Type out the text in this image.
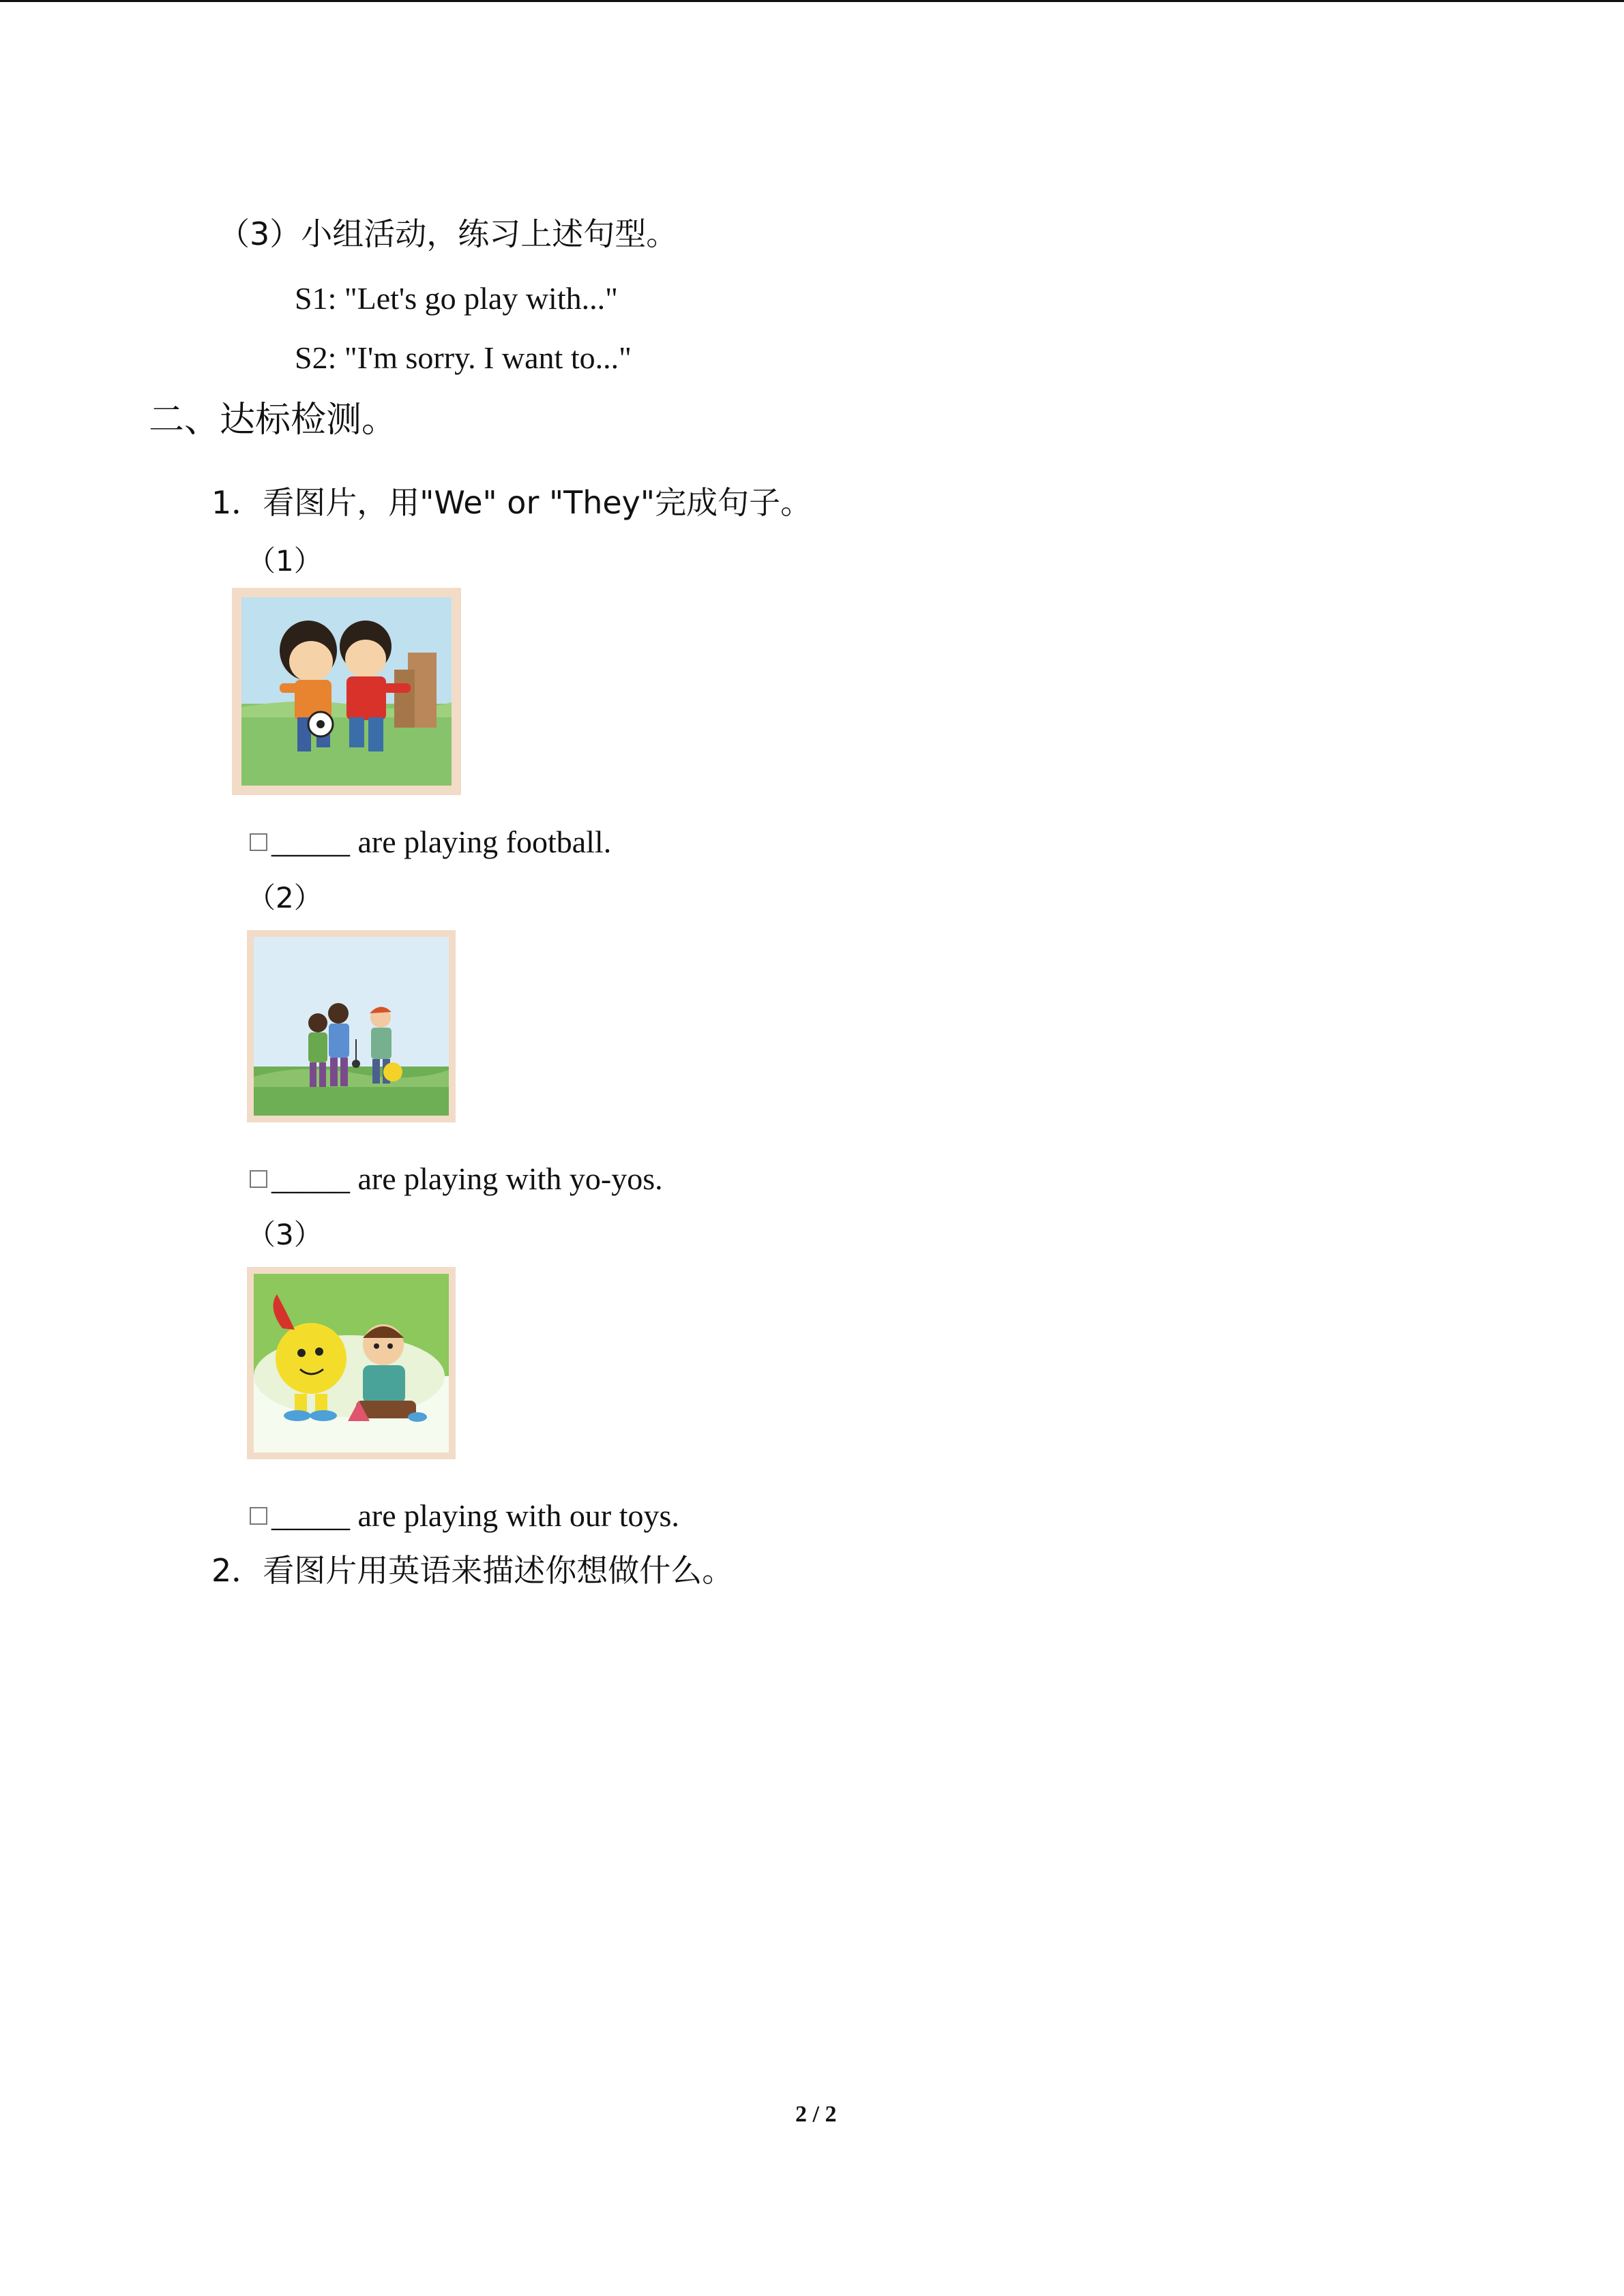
（3）小组活动，练习上述句型。
S1: "Let's go play with..."
S2: "I'm sorry. I want to..."
二、达标检测。
1．看图片，用"We" or "They"完成句子。
（1）
_____ are playing football.
（2）
_____ are playing with yo-yos.
（3）
_____ are playing with our toys.
2．看图片用英语来描述你想做什么。
2 / 2
